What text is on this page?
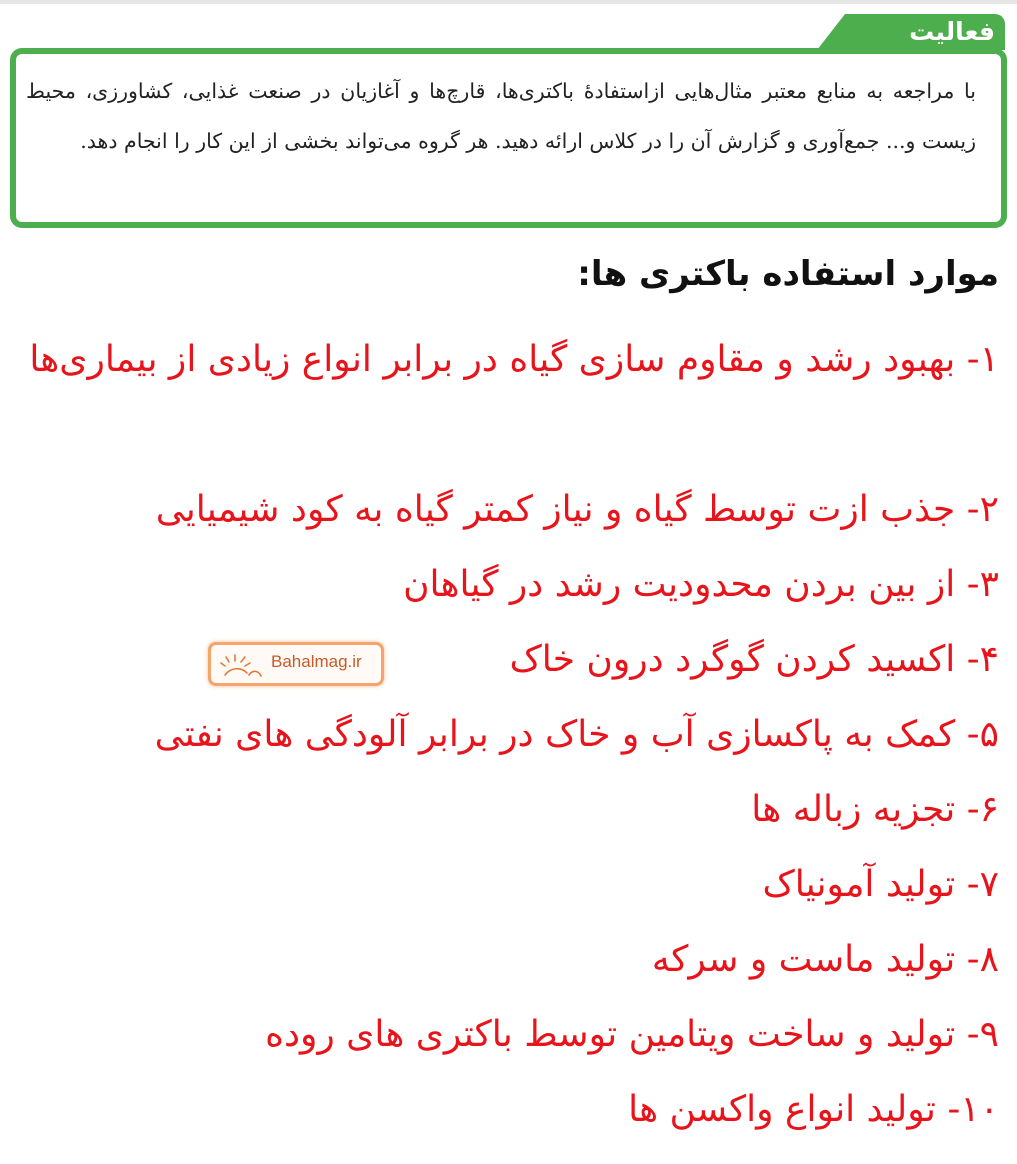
فعالیت
با مراجعه به منابع معتبر مثال‌هایی ازاستفادهٔ باکتری‌ها، قارچ‌ها و آغازیان در صنعت غذایی، کشاورزی، محیط زیست و... جمع‌آوری و گزارش آن را در کلاس ارائه دهید. هر گروه می‌تواند بخشی از این کار را انجام دهد.
موارد استفاده باکتری ها:
۱- بهبود رشد و مقاوم سازی گیاه در برابر انواع زیادی از بیماری‌ها
۲- جذب ازت توسط گیاه و نیاز کمتر گیاه به کود شیمیایی
۳- از بین بردن محدودیت رشد در گیاهان
۴- اکسید کردن گوگرد درون خاک
۵- کمک به پاکسازی آب و خاک در برابر آلودگی های نفتی
۶- تجزیه زباله ها
۷- تولید آمونیاک
۸- تولید ماست و سرکه
۹- تولید و ساخت ویتامین توسط باکتری های روده
۱۰- تولید انواع واکسن ها
Bahalmag.ir
